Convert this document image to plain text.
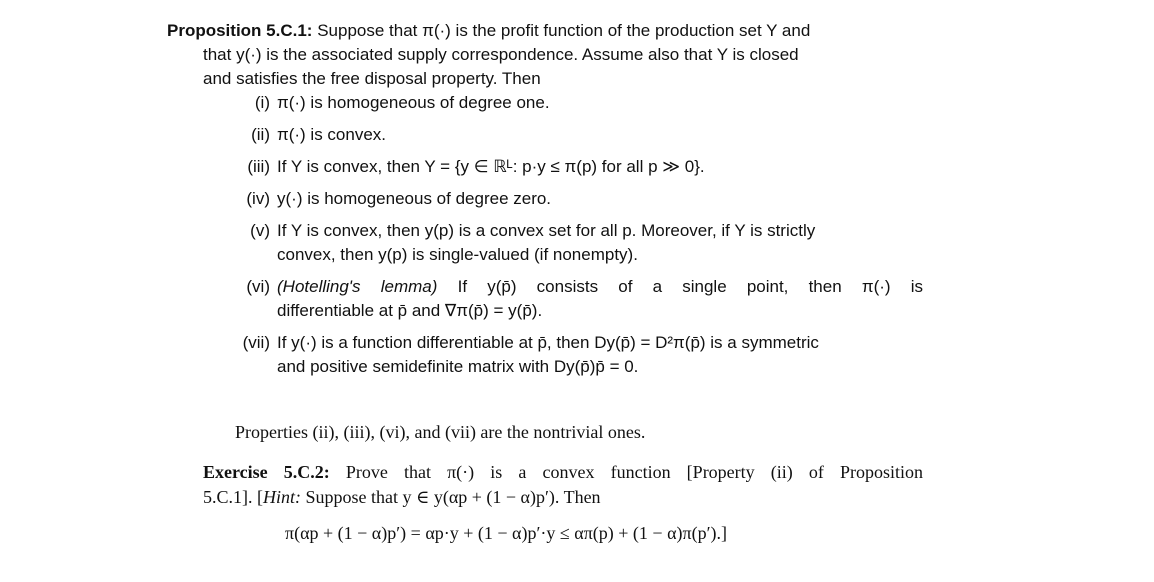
Proposition 5.C.1: Suppose that π(·) is the profit function of the production set Y and
that y(·) is the associated supply correspondence. Assume also that Y is closed
and satisfies the free disposal property. Then
(i) π(·) is homogeneous of degree one.
(ii) π(·) is convex.
(iii) If Y is convex, then Y = {y ∈ ℝᴸ: p·y ≤ π(p) for all p ≫ 0}.
(iv) y(·) is homogeneous of degree zero.
(v) If Y is convex, then y(p) is a convex set for all p. Moreover, if Y is strictly
convex, then y(p) is single-valued (if nonempty).
(vi) (Hotelling's lemma) If y(p̄) consists of a single point, then π(·) is
differentiable at p̄ and ∇π(p̄) = y(p̄).
(vii) If y(·) is a function differentiable at p̄, then Dy(p̄) = D²π(p̄) is a symmetric
and positive semidefinite matrix with Dy(p̄)p̄ = 0.
Properties (ii), (iii), (vi), and (vii) are the nontrivial ones.
Exercise 5.C.2: Prove that π(·) is a convex function [Property (ii) of Proposition
5.C.1]. [Hint: Suppose that y ∈ y(αp + (1 − α)p′). Then
π(αp + (1 − α)p′) = αp·y + (1 − α)p′·y ≤ απ(p) + (1 − α)π(p′).]
